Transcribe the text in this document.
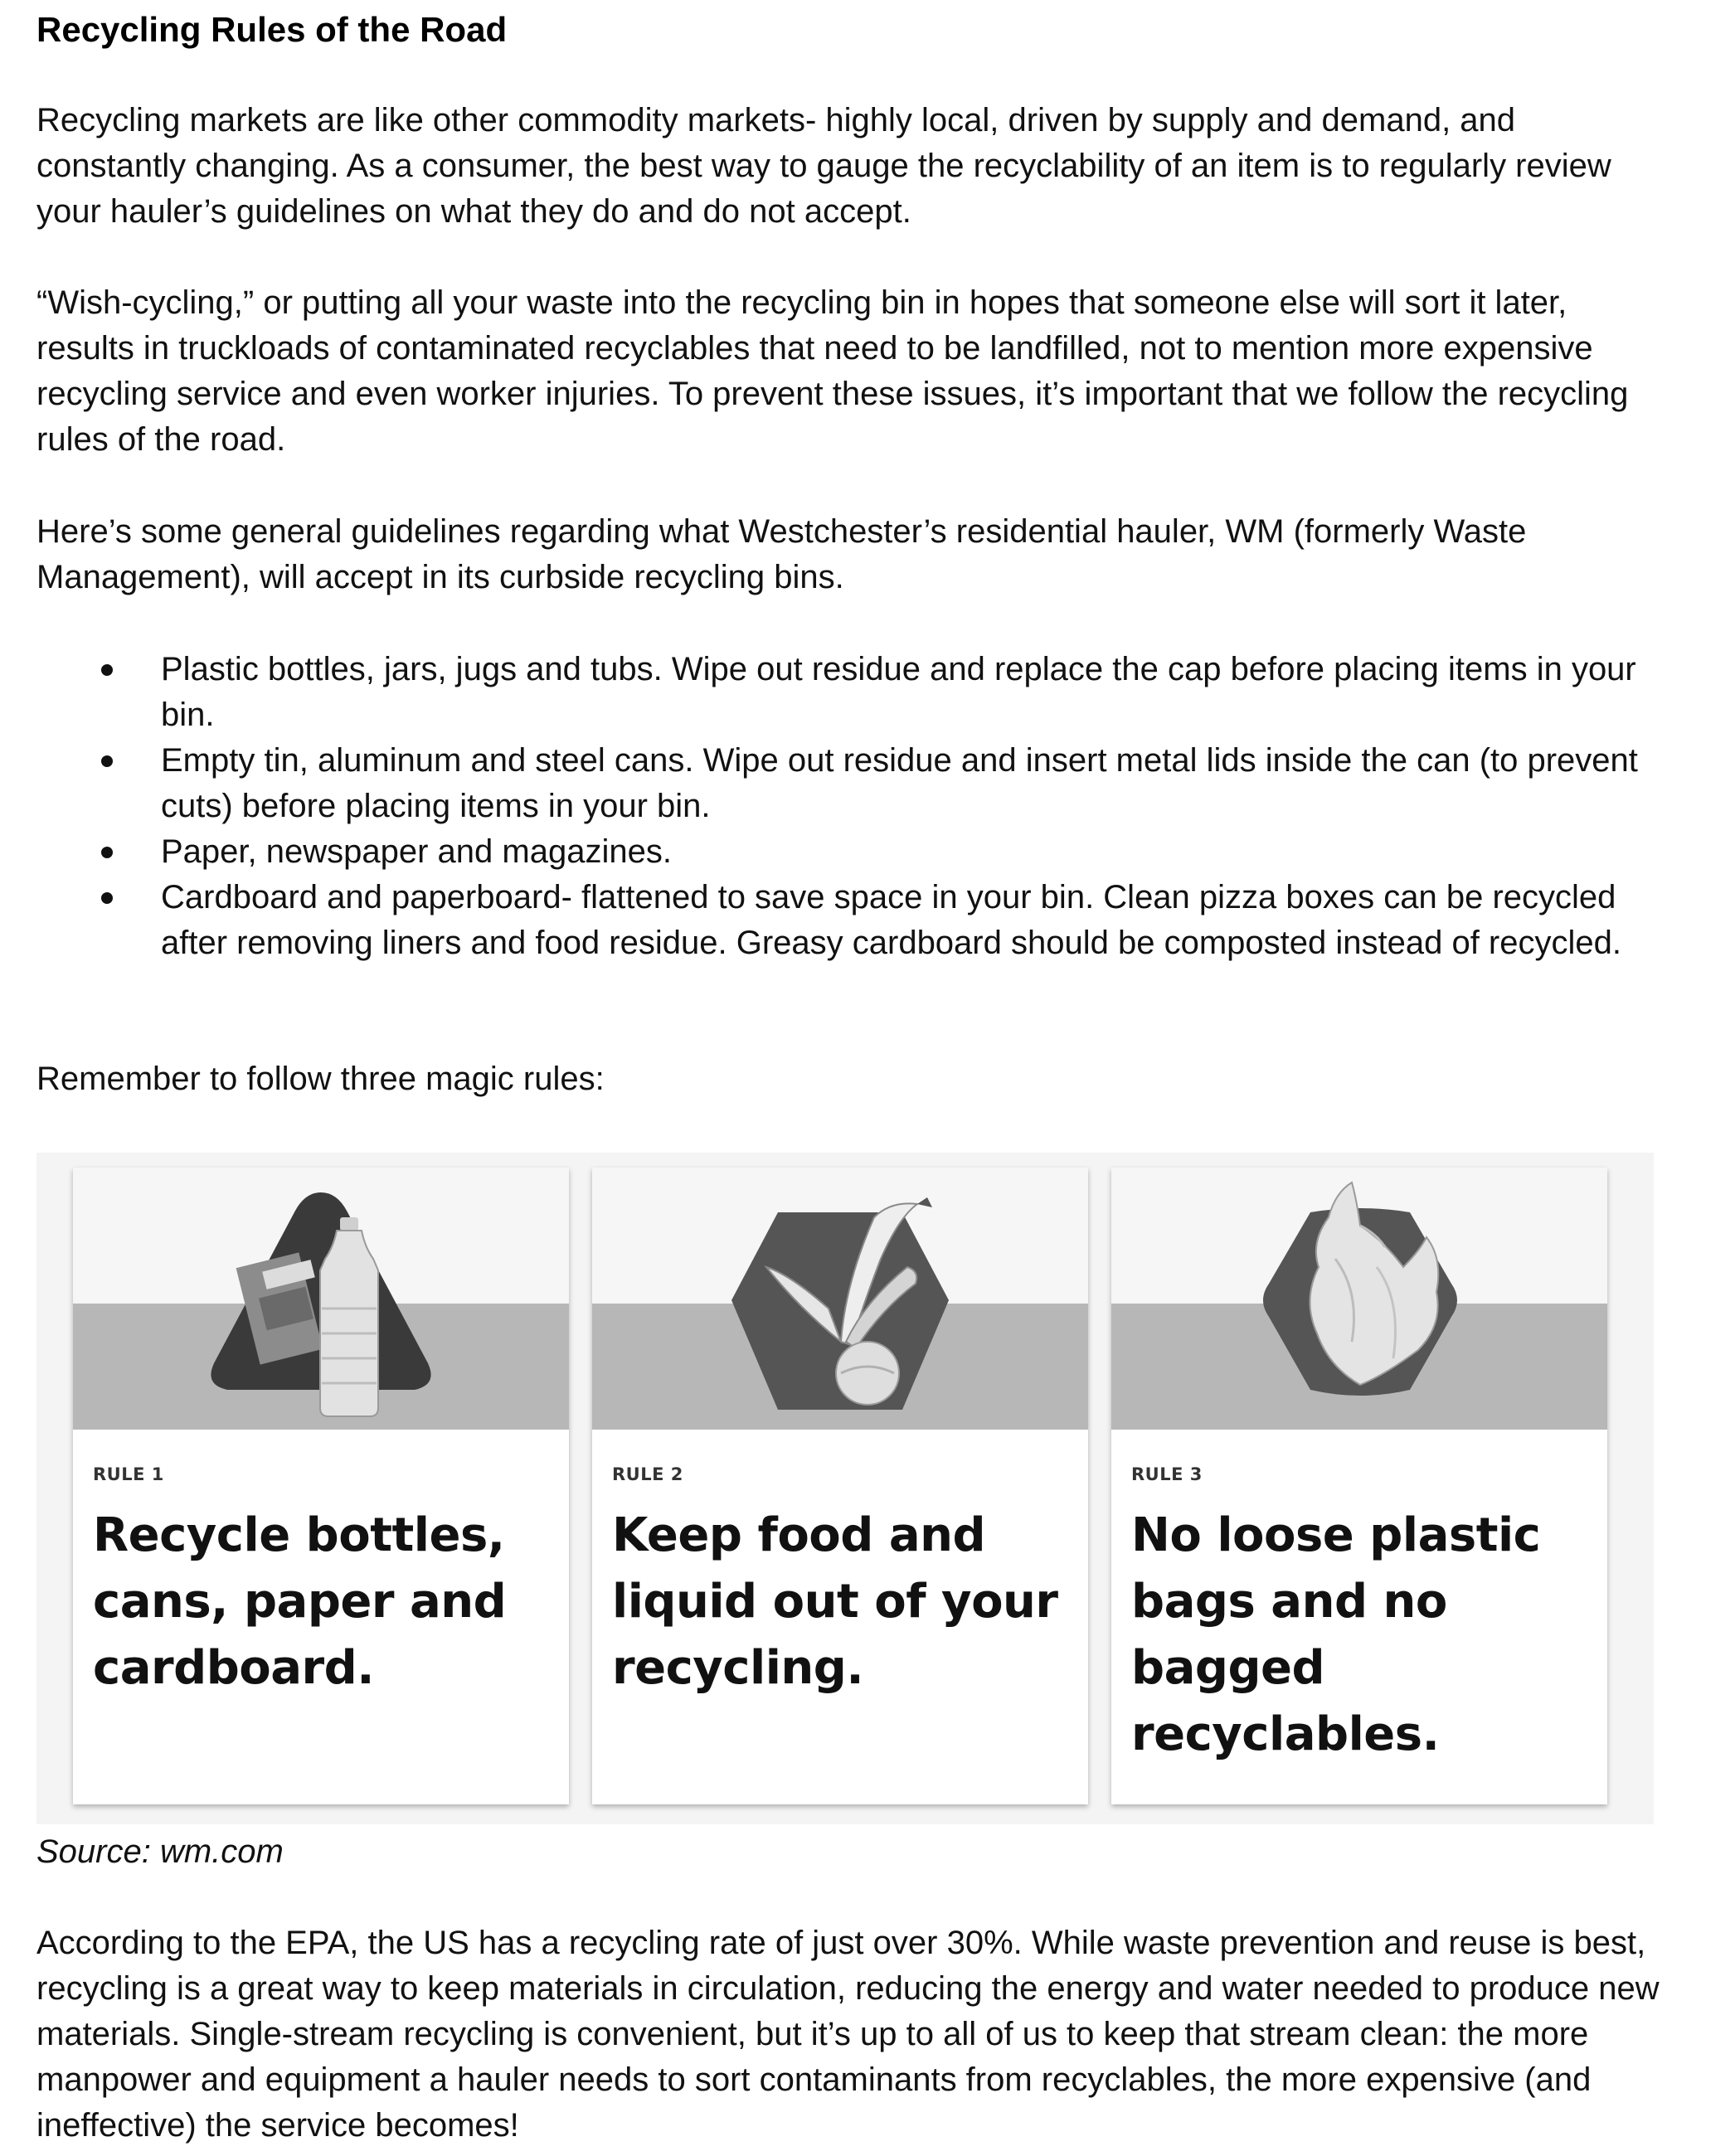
Recycling Rules of the Road
Recycling markets are like other commodity markets- highly local, driven by supply and demand, and constantly changing. As a consumer, the best way to gauge the recyclability of an item is to regularly review your hauler’s guidelines on what they do and do not accept.
“Wish-cycling,” or putting all your waste into the recycling bin in hopes that someone else will sort it later, results in truckloads of contaminated recyclables that need to be landfilled, not to mention more expensive recycling service and even worker injuries. To prevent these issues, it’s important that we follow the recycling rules of the road.
Here’s some general guidelines regarding what Westchester’s residential hauler, WM (formerly Waste Management), will accept in its curbside recycling bins.
Plastic bottles, jars, jugs and tubs. Wipe out residue and replace the cap before placing items in your bin.
Empty tin, aluminum and steel cans. Wipe out residue and insert metal lids inside the can (to prevent cuts) before placing items in your bin.
Paper, newspaper and magazines.
Cardboard and paperboard- flattened to save space in your bin. Clean pizza boxes can be recycled after removing liners and food residue. Greasy cardboard should be composted instead of recycled.
Remember to follow three magic rules:
RULE 1
Recycle bottles, cans, paper and cardboard.
RULE 2
Keep food and liquid out of your recycling.
RULE 3
No loose plastic bags and no bagged recyclables.
Source: wm.com
According to the EPA, the US has a recycling rate of just over 30%. While waste prevention and reuse is best, recycling is a great way to keep materials in circulation, reducing the energy and water needed to produce new materials. Single-stream recycling is convenient, but it’s up to all of us to keep that stream clean: the more manpower and equipment a hauler needs to sort contaminants from recyclables, the more expensive (and ineffective) the service becomes!
